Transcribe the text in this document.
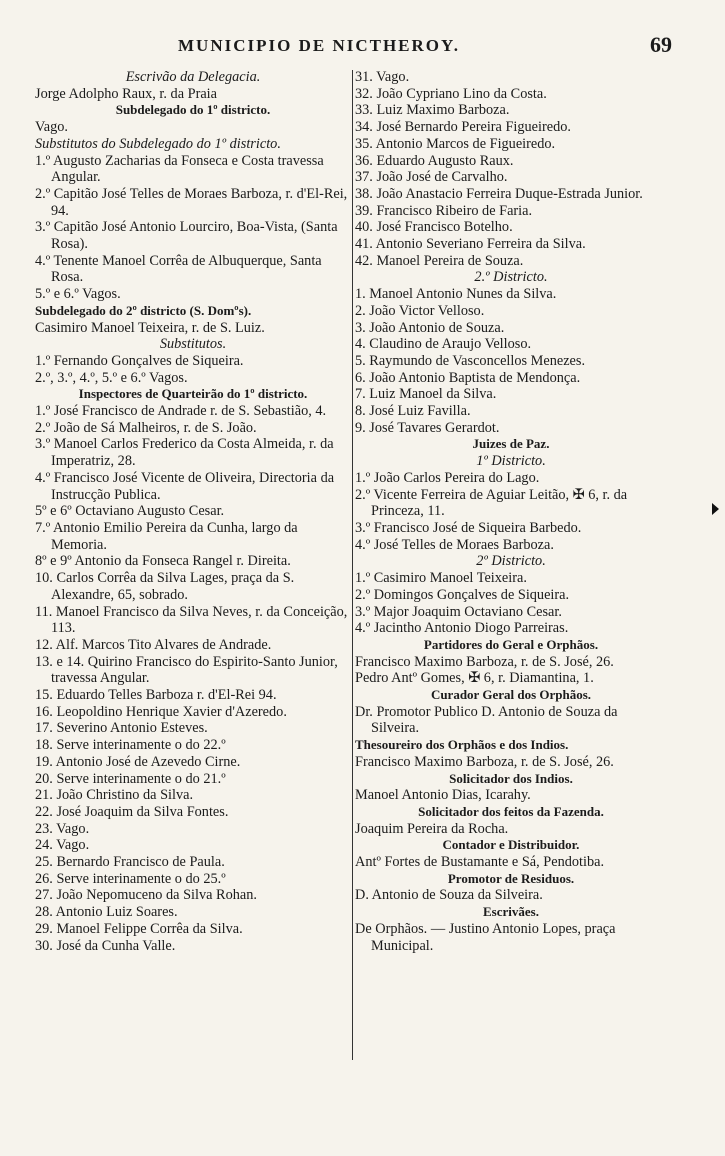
MUNICIPIO DE NICTHEROY.	69
Escrivão da Delegacia.
Jorge Adolpho Raux, r. da Praia
Subdelegado do 1º districto.
Vago.
Substitutos do Subdelegado do 1º districto.
1.º Augusto Zacharias da Fonseca e Costa travessa Angular.
2.º Capitão José Telles de Moraes Barboza, r. d'El-Rei, 94.
3.º Capitão José Antonio Lourciro, Boa-Vista, (Santa Rosa).
4.º Tenente Manoel Corrêa de Albuquerque, Santa Rosa.
5.º e 6.º Vagos.
Subdelegado do 2º districto (S. Domºs).
Casimiro Manoel Teixeira, r. de S. Luiz.
Substitutos.
1.º Fernando Gonçalves de Siqueira.
2.º, 3.º, 4.º, 5.º e 6.º Vagos.
Inspectores de Quarteirão do 1º districto.
1.º José Francisco de Andrade r. de S. Sebastião, 4.
2.º João de Sá Malheiros, r. de S. João.
3.º Manoel Carlos Frederico da Costa Almeida, r. da Imperatriz, 28.
4.º Francisco José Vicente de Oliveira, Directoria da Instrucção Publica.
5º e 6º Octaviano Augusto Cesar.
7.º Antonio Emilio Pereira da Cunha, largo da Memoria.
8º e 9º Antonio da Fonseca Rangel r. Direita.
10. Carlos Corrêa da Silva Lages, praça da S. Alexandre, 65, sobrado.
11. Manoel Francisco da Silva Neves, r. da Conceição, 113.
12. Alf. Marcos Tito Alvares de Andrade.
13. e 14. Quirino Francisco do Espirito-Santo Junior, travessa Angular.
15. Eduardo Telles Barboza r. d'El-Rei 94.
16. Leopoldino Henrique Xavier d'Azeredo.
17. Severino Antonio Esteves.
18. Serve interinamente o do 22.º
19. Antonio José de Azevedo Cirne.
20. Serve interinamente o do 21.º
21. João Christino da Silva.
22. José Joaquim da Silva Fontes.
23. Vago.
24. Vago.
25. Bernardo Francisco de Paula.
26. Serve interinamente o do 25.º
27. João Nepomuceno da Silva Rohan.
28. Antonio Luiz Soares.
29. Manoel Felippe Corrêa da Silva.
30. José da Cunha Valle.
31. Vago.
32. João Cypriano Lino da Costa.
33. Luiz Maximo Barboza.
34. José Bernardo Pereira Figueiredo.
35. Antonio Marcos de Figueiredo.
36. Eduardo Augusto Raux.
37. João José de Carvalho.
38. João Anastacio Ferreira Duque-Estrada Junior.
39. Francisco Ribeiro de Faria.
40. José Francisco Botelho.
41. Antonio Severiano Ferreira da Silva.
42. Manoel Pereira de Souza.
2.º Districto.
1. Manoel Antonio Nunes da Silva.
2. João Victor Velloso.
3. João Antonio de Souza.
4. Claudino de Araujo Velloso.
5. Raymundo de Vasconcellos Menezes.
6. João Antonio Baptista de Mendonça.
7. Luiz Manoel da Silva.
8. José Luiz Favilla.
9. José Tavares Gerardot.
Juizes de Paz.
1º Districto.
1.º João Carlos Pereira do Lago.
2.º Vicente Ferreira de Aguiar Leitão, ✠ 6, r. da Princeza, 11.
3.º Francisco José de Siqueira Barbedo.
4.º José Telles de Moraes Barboza.
2º Districto.
1.º Casimiro Manoel Teixeira.
2.º Domingos Gonçalves de Siqueira.
3.º Major Joaquim Octaviano Cesar.
4.º Jacintho Antonio Diogo Parreiras.
Partidores do Geral e Orphãos.
Francisco Maximo Barboza, r. de S. José, 26.
Pedro Antº Gomes, ✠ 6, r. Diamantina, 1.
Curador Geral dos Orphãos.
Dr. Promotor Publico D. Antonio de Souza da Silveira.
Thesoureiro dos Orphãos e dos Indios.
Francisco Maximo Barboza, r. de S. José, 26.
Solicitador dos Indios.
Manoel Antonio Dias, Icarahy.
Solicitador dos feitos da Fazenda.
Joaquim Pereira da Rocha.
Contador e Distribuidor.
Antº Fortes de Bustamante e Sá, Pendotiba.
Promotor de Residuos.
D. Antonio de Souza da Silveira.
Escrivães.
De Orphãos. — Justino Antonio Lopes, praça Municipal.
